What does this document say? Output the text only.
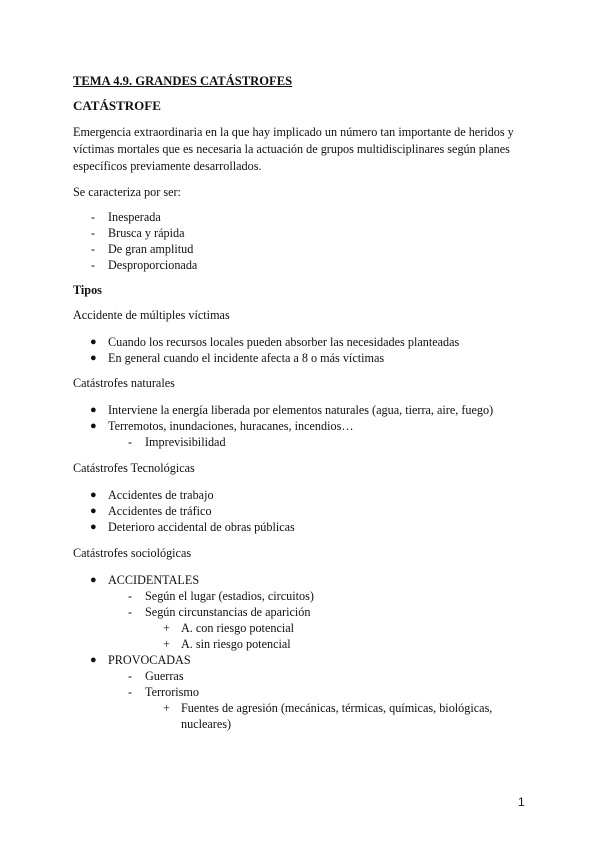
TEMA 4.9. GRANDES CATÁSTROFES
CATÁSTROFE
Emergencia extraordinaria en la que hay implicado un número tan importante de heridos y víctimas mortales que es necesaria la actuación de grupos multidisciplinares según planes específicos previamente desarrollados.
Se caracteriza por ser:
- Inesperada
- Brusca y rápida
- De gran amplitud
- Desproporcionada
Tipos
Accidente de múltiples víctimas
● Cuando los recursos locales pueden absorber las necesidades planteadas
● En general cuando el incidente afecta a 8 o más víctimas
Catástrofes naturales
● Interviene la energía liberada por elementos naturales (agua, tierra, aire, fuego)
● Terremotos, inundaciones, huracanes, incendios…
- Imprevisibilidad
Catástrofes Tecnológicas
● Accidentes de trabajo
● Accidentes de tráfico
● Deterioro accidental de obras públicas
Catástrofes sociológicas
● ACCIDENTALES
- Según el lugar (estadios, circuitos)
- Según circunstancias de aparición
+ A. con riesgo potencial
+ A. sin riesgo potencial
● PROVOCADAS
- Guerras
- Terrorismo
+ Fuentes de agresión (mecánicas, térmicas, químicas, biológicas,
nucleares)
1
